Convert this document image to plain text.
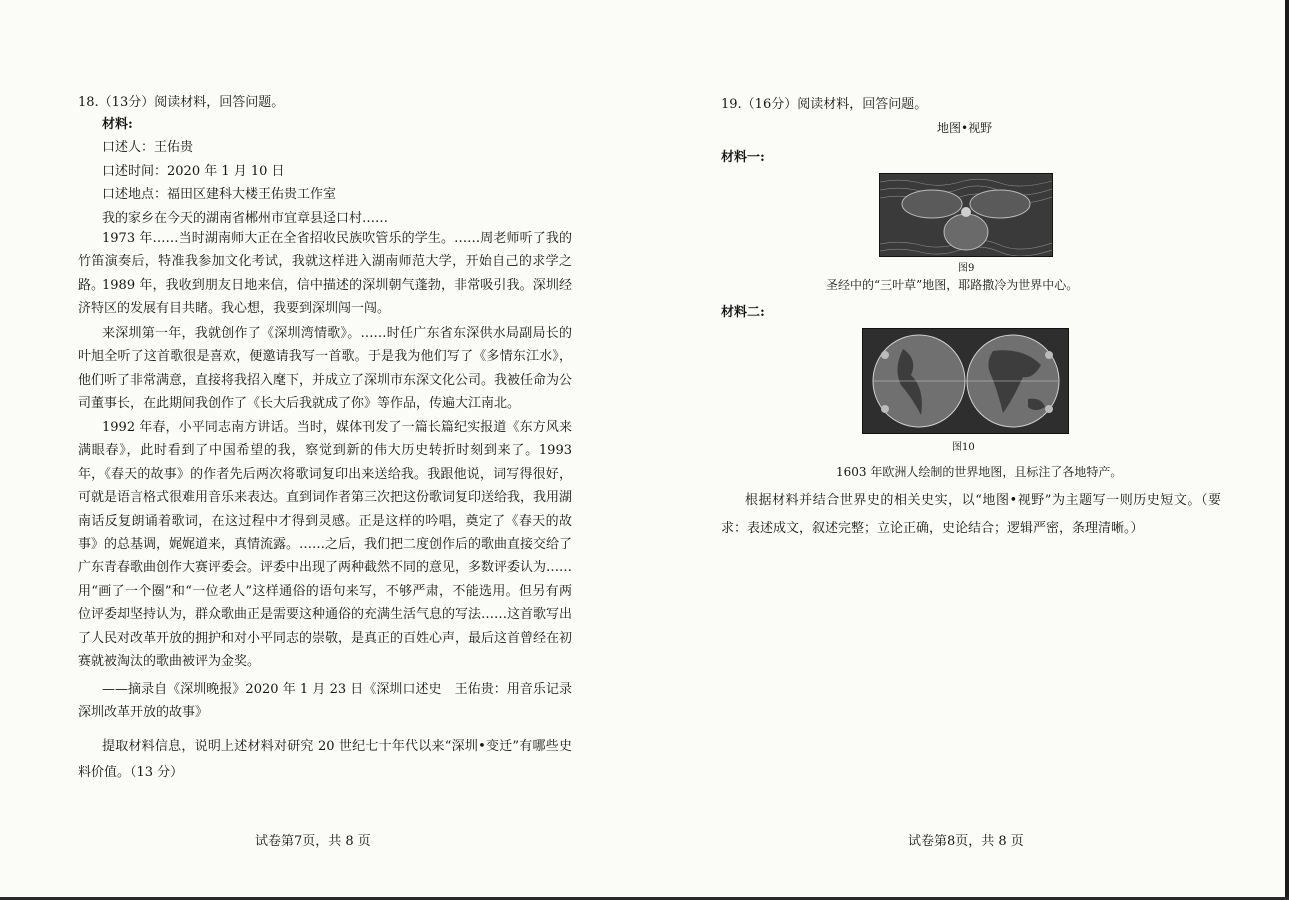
18.（13分）阅读材料，回答问题。
材料:
口述人：王佑贵
口述时间：2020 年 1 月 10 日
口述地点：福田区建科大楼王佑贵工作室
我的家乡在今天的湖南省郴州市宜章县迳口村……
1973 年……当时湖南师大正在全省招收民族吹管乐的学生。……周老师听了我的竹笛演奏后，特准我参加文化考试，我就这样进入湖南师范大学，开始自己的求学之路。
1989 年，我收到朋友日地来信，信中描述的深圳朝气蓬勃，非常吸引我。深圳经济特区的发展有目共睹。我心想，我要到深圳闯一闯。
来深圳第一年，我就创作了《深圳湾情歌》。……时任广东省东深供水局副局长的叶旭全听了这首歌很是喜欢，便邀请我写一首歌。于是我为他们写了《多情东江水》，他们听了非常满意，直接将我招入麾下，并成立了深圳市东深文化公司。我被任命为公司董事长，在此期间我创作了《长大后我就成了你》等作品，传遍大江南北。
1992 年春，小平同志南方讲话。当时，媒体刊发了一篇长篇纪实报道《东方风来满眼春》，此时看到了中国希望的我，察觉到新的伟大历史转折时刻到来了。1993 年，《春天的故事》的作者先后两次将歌词复印出来送给我。我跟他说，词写得很好，可就是语言格式很难用音乐来表达。直到词作者第三次把这份歌词复印送给我，我用湖南话反复朗诵着歌词，在这过程中才得到灵感。正是这样的吟唱，奠定了《春天的故事》的总基调，娓娓道来，真情流露。……之后，我们把二度创作后的歌曲直接交给了广东青春歌曲创作大赛评委会。评委中出现了两种截然不同的意见，多数评委认为……用“画了一个圈”和“一位老人”这样通俗的语句来写，不够严肃，不能选用。但另有两位评委却坚持认为，群众歌曲正是需要这种通俗的充满生活气息的写法……这首歌写出了人民对改革开放的拥护和对小平同志的崇敬，是真正的百姓心声，最后这首曾经在初赛就被淘汰的歌曲被评为金奖。
——摘录自《深圳晚报》2020 年 1 月 23 日《深圳口述史　王佑贵：用音乐记录深圳改革开放的故事》
提取材料信息，说明上述材料对研究 20 世纪七十年代以来“深圳•变迁”有哪些史料价值。（13 分）
试卷第7页，共 8 页
19.（16分）阅读材料，回答问题。
地图•视野
材料一:
图9
圣经中的“三叶草”地图，耶路撒冷为世界中心。
材料二:
图10
1603 年欧洲人绘制的世界地图，且标注了各地特产。
根据材料并结合世界史的相关史实，以“地图•视野”为主题写一则历史短文。（要求：表述成文，叙述完整；立论正确，史论结合；逻辑严密，条理清晰。）
试卷第8页，共 8 页
